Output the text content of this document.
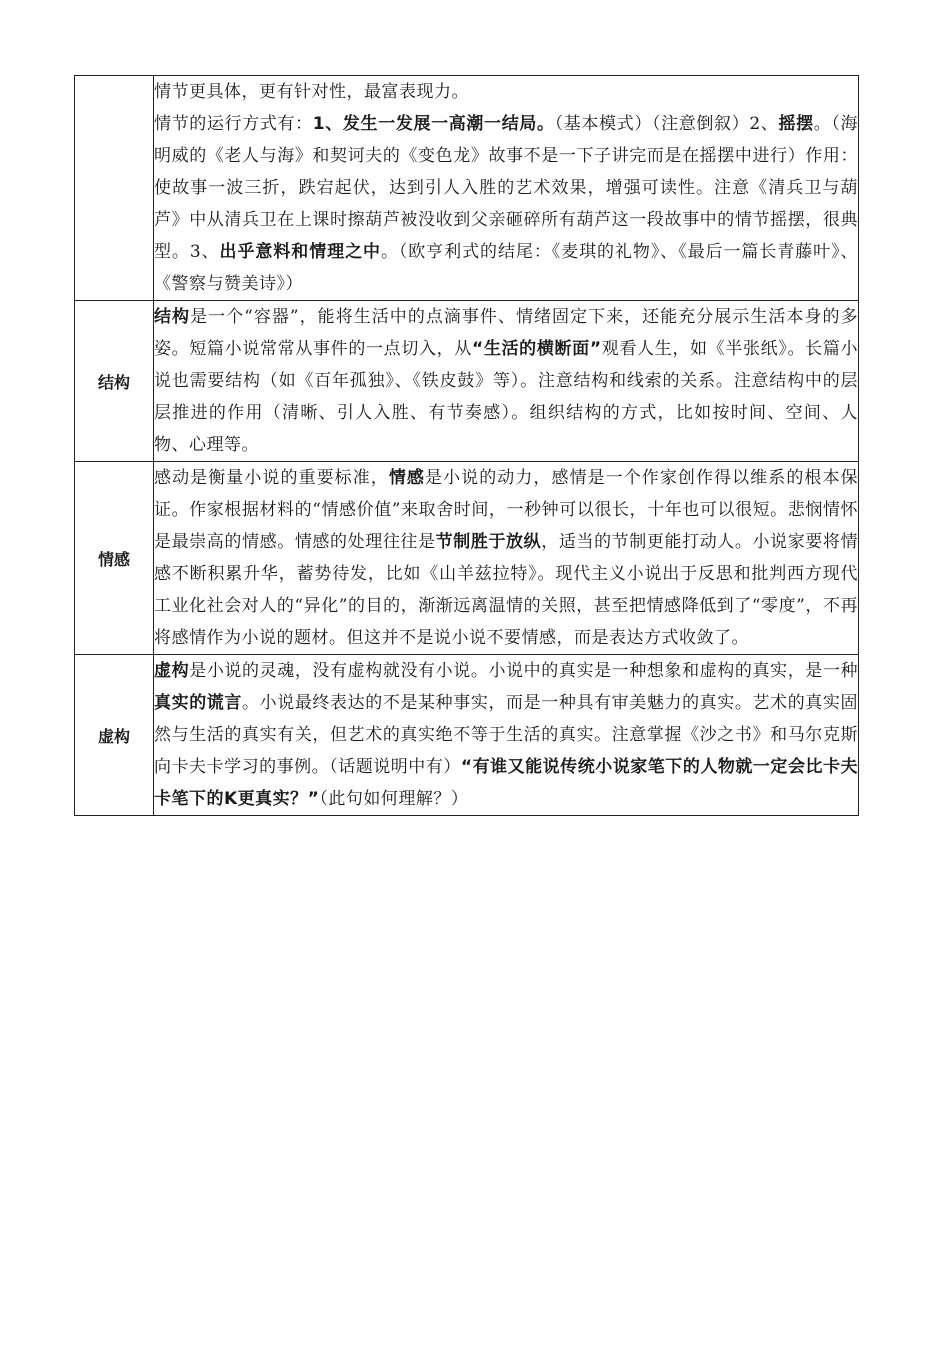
	情节更具体，更有针对性，最富表现力。

情节的运行方式有：1、发生一发展一高潮一结局。（基本模式）（注意倒叙）2、摇摆。（海明威的《老人与海》和契诃夫的《变色龙》故事不是一下子讲完而是在摇摆中进行）作用：使故事一波三折，跌宕起伏，达到引人入胜的艺术效果，增强可读性。注意《清兵卫与葫芦》中从清兵卫在上课时擦葫芦被没收到父亲砸碎所有葫芦这一段故事中的情节摇摆，很典型。3、出乎意料和情理之中。（欧亨利式的结尾：《麦琪的礼物》、《最后一篇长青藤叶》、《警察与赞美诗》）

结构	结构是一个“容器”，能将生活中的点滴事件、情绪固定下来，还能充分展示生活本身的多姿。短篇小说常常从事件的一点切入，从“生活的横断面”观看人生，如《半张纸》。长篇小说也需要结构（如《百年孤独》、《铁皮鼓》等）。注意结构和线索的关系。注意结构中的层层推进的作用（清晰、引人入胜、有节奏感）。组织结构的方式，比如按时间、空间、人物、心理等。

情感	感动是衡量小说的重要标准，情感是小说的动力，感情是一个作家创作得以维系的根本保证。作家根据材料的“情感价值”来取舍时间，一秒钟可以很长，十年也可以很短。悲悯情怀是最崇高的情感。情感的处理往往是节制胜于放纵，适当的节制更能打动人。小说家要将情感不断积累升华，蓄势待发，比如《山羊兹拉特》。现代主义小说出于反思和批判西方现代工业化社会对人的“异化”的目的，渐渐远离温情的关照，甚至把情感降低到了“零度”，不再将感情作为小说的题材。但这并不是说小说不要情感，而是表达方式收敛了。

虚构	虚构是小说的灵魂，没有虚构就没有小说。小说中的真实是一种想象和虚构的真实，是一种真实的谎言。小说最终表达的不是某种事实，而是一种具有审美魅力的真实。艺术的真实固然与生活的真实有关，但艺术的真实绝不等于生活的真实。注意掌握《沙之书》和马尔克斯向卡夫卡学习的事例。（话题说明中有）“有谁又能说传统小说家笔下的人物就一定会比卡夫卡笔下的K更真实？”（此句如何理解？）
